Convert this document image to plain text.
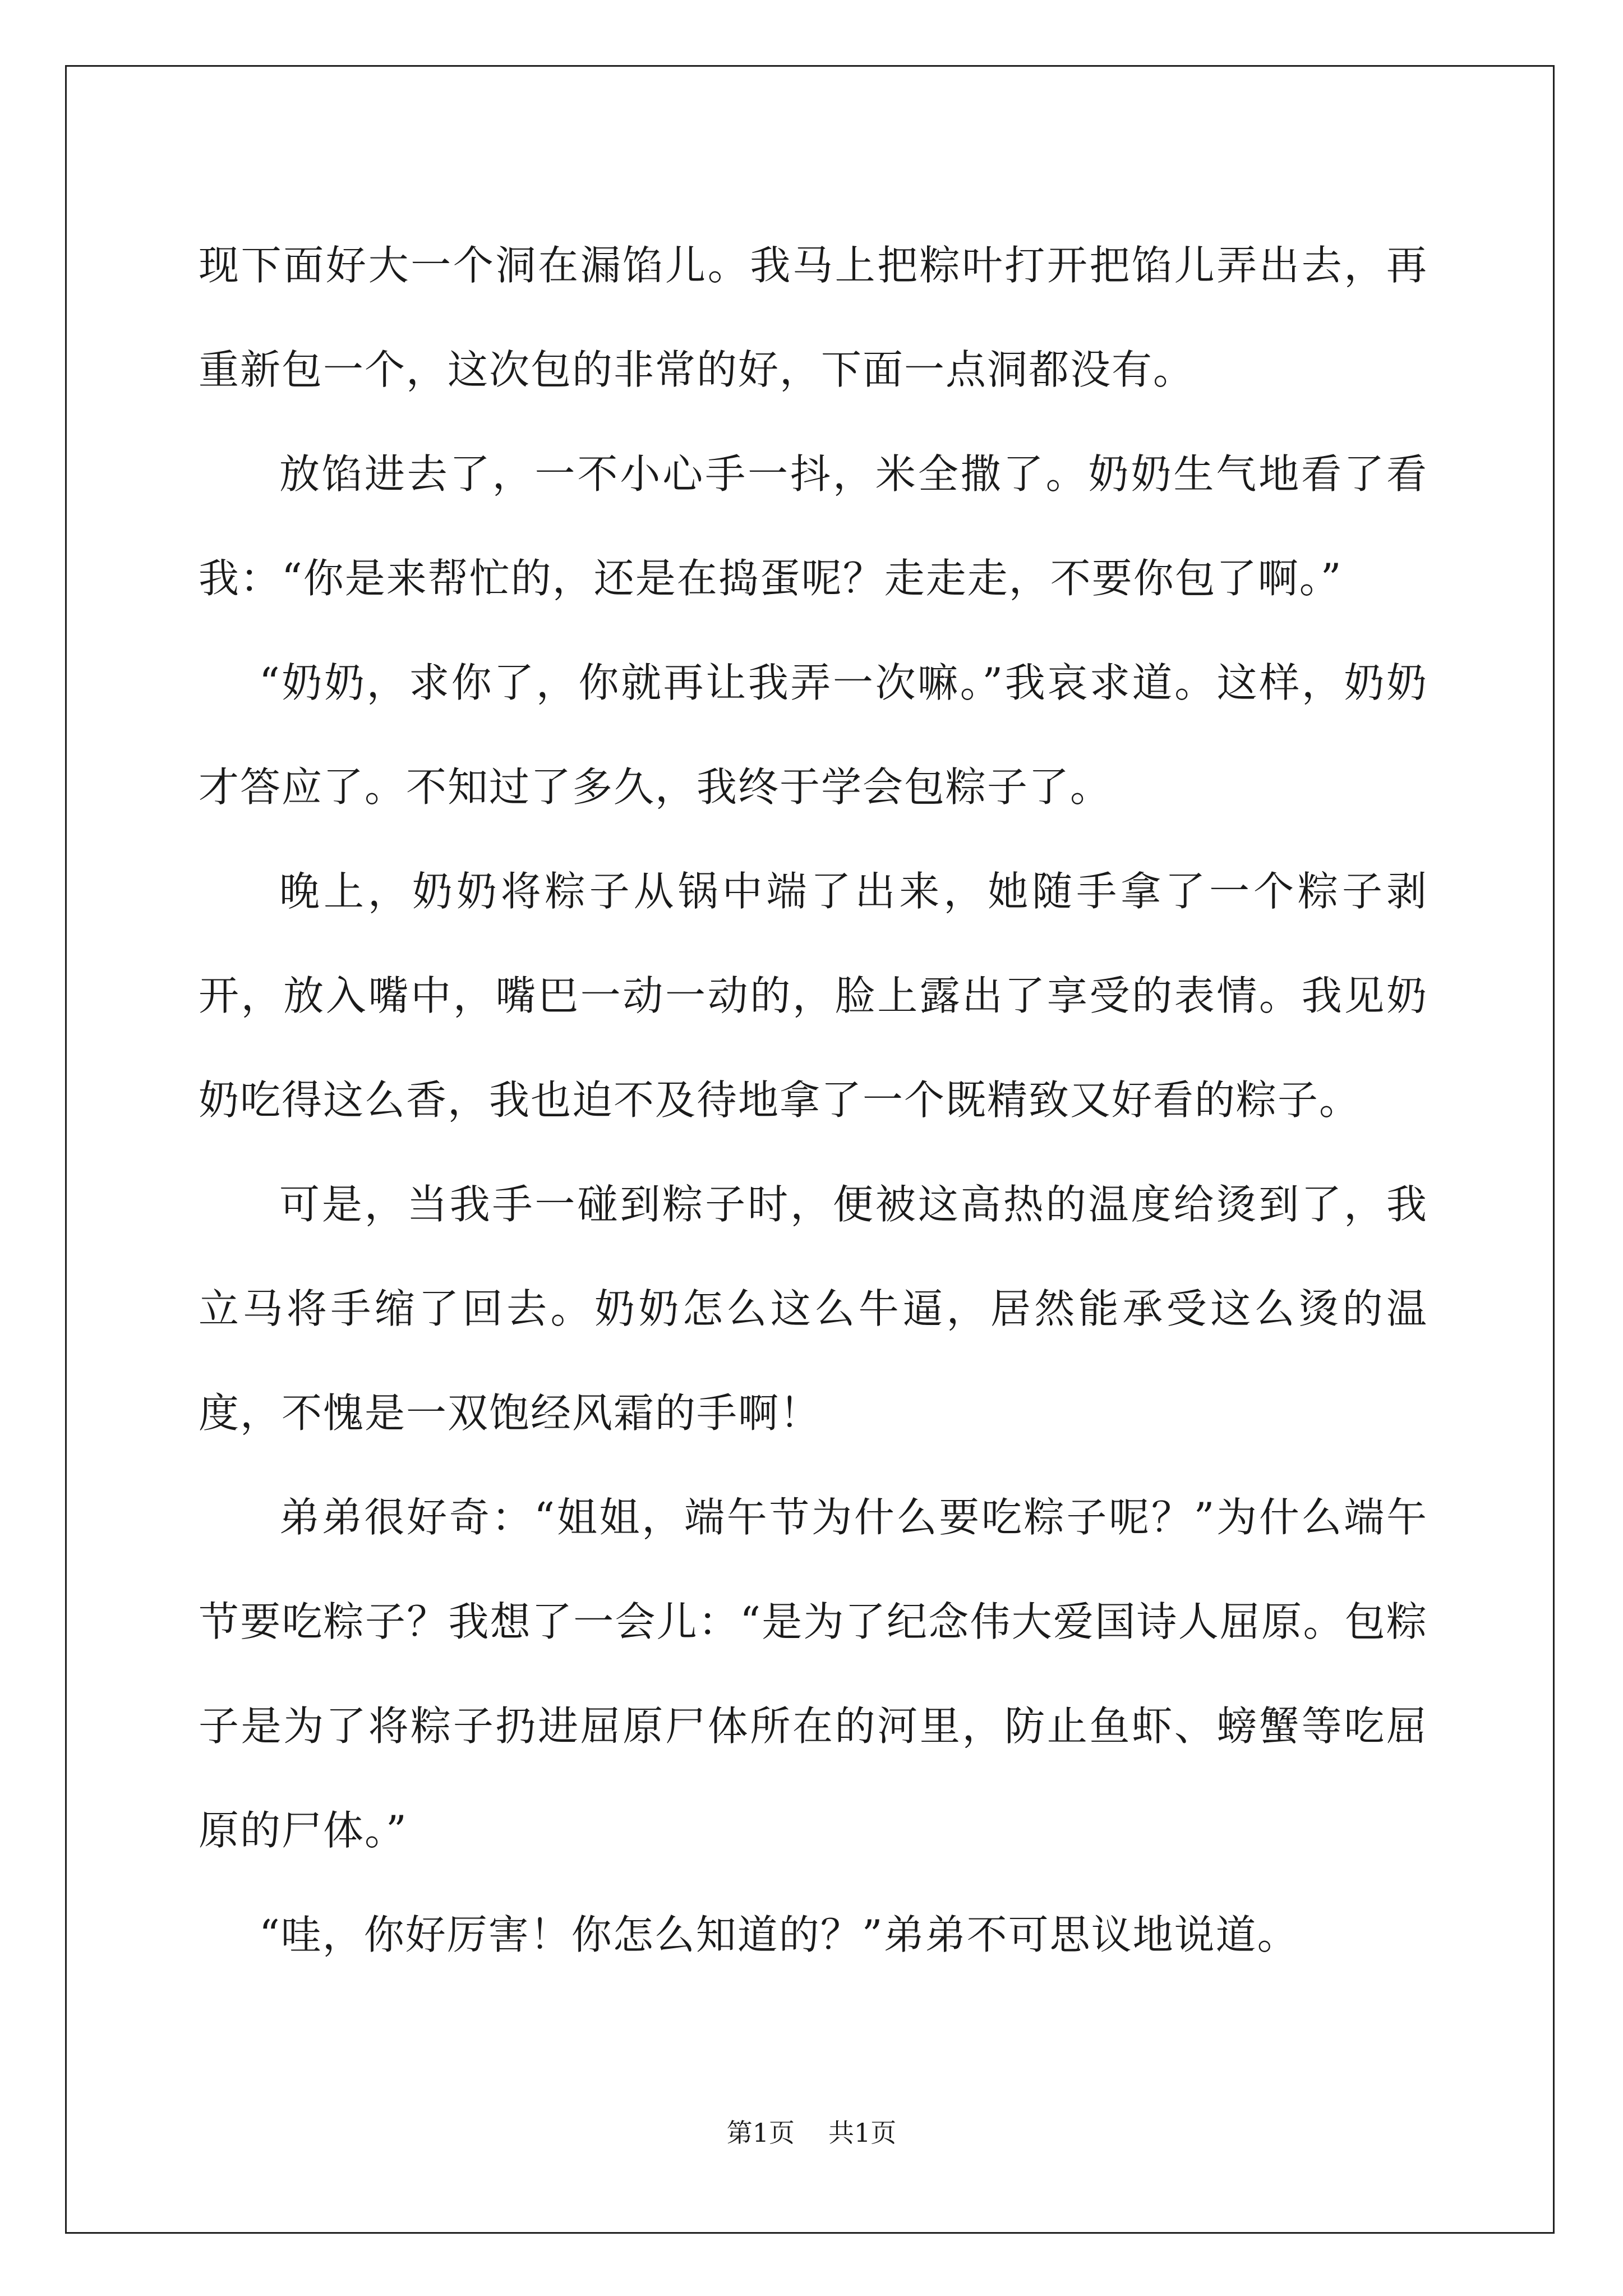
现下面好大一个洞在漏馅儿。我马上把粽叶打开把馅儿弄出去，再重新包一个，这次包的非常的好，下面一点洞都没有。

放馅进去了，一不小心手一抖，米全撒了。奶奶生气地看了看我：“你是来帮忙的，还是在捣蛋呢？走走走，不要你包了啊。”

“奶奶，求你了，你就再让我弄一次嘛。”我哀求道。这样，奶奶才答应了。不知过了多久，我终于学会包粽子了。

晚上，奶奶将粽子从锅中端了出来，她随手拿了一个粽子剥开，放入嘴中，嘴巴一动一动的，脸上露出了享受的表情。我见奶奶吃得这么香，我也迫不及待地拿了一个既精致又好看的粽子。

可是，当我手一碰到粽子时，便被这高热的温度给烫到了，我立马将手缩了回去。奶奶怎么这么牛逼，居然能承受这么烫的温度，不愧是一双饱经风霜的手啊！

弟弟很好奇：“姐姐，端午节为什么要吃粽子呢？”为什么端午节要吃粽子？我想了一会儿：“是为了纪念伟大爱国诗人屈原。包粽子是为了将粽子扔进屈原尸体所在的河里，防止鱼虾、螃蟹等吃屈原的尸体。”

“哇，你好厉害！你怎么知道的？”弟弟不可思议地说道。

第1页 共1页
